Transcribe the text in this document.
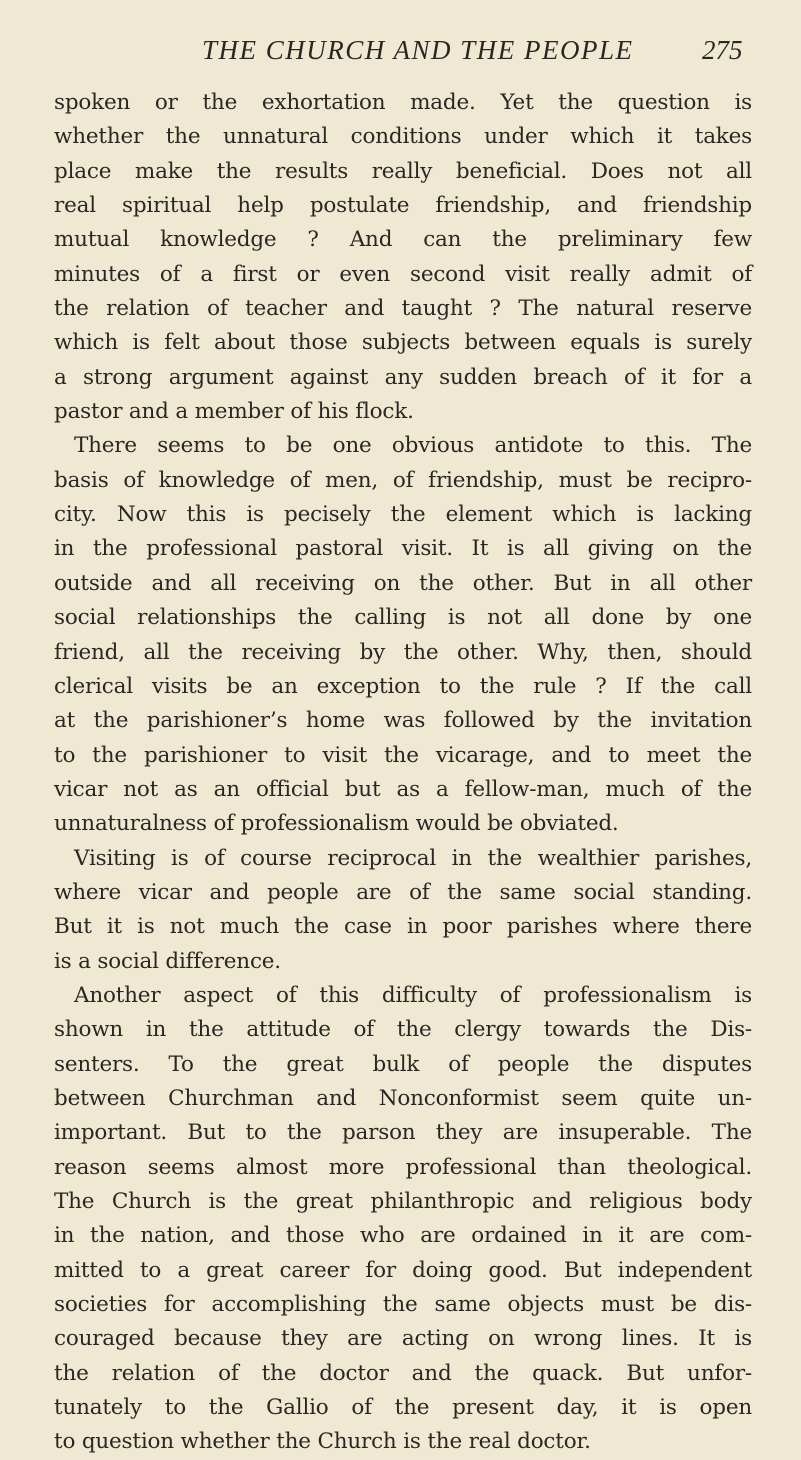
THE CHURCH AND THE PEOPLE	275
spoken or the exhortation made. Yet the question is
whether the unnatural conditions under which it takes
place make the results really beneficial. Does not all
real spiritual help postulate friendship, and friendship
mutual knowledge ? And can the preliminary few
minutes of a first or even second visit really admit of
the relation of teacher and taught ? The natural reserve
which is felt about those subjects between equals is surely
a strong argument against any sudden breach of it for a
pastor and a member of his flock.
There seems to be one obvious antidote to this. The
basis of knowledge of men, of friendship, must be recipro-
city. Now this is pecisely the element which is lacking
in the professional pastoral visit. It is all giving on the
outside and all receiving on the other. But in all other
social relationships the calling is not all done by one
friend, all the receiving by the other. Why, then, should
clerical visits be an exception to the rule ? If the call
at the parishioner’s home was followed by the invitation
to the parishioner to visit the vicarage, and to meet the
vicar not as an official but as a fellow-man, much of the
unnaturalness of professionalism would be obviated.
Visiting is of course reciprocal in the wealthier parishes,
where vicar and people are of the same social standing.
But it is not much the case in poor parishes where there
is a social difference.
Another aspect of this difficulty of professionalism is
shown in the attitude of the clergy towards the Dis-
senters. To the great bulk of people the disputes
between Churchman and Nonconformist seem quite un-
important. But to the parson they are insuperable. The
reason seems almost more professional than theological.
The Church is the great philanthropic and religious body
in the nation, and those who are ordained in it are com-
mitted to a great career for doing good. But independent
societies for accomplishing the same objects must be dis-
couraged because they are acting on wrong lines. It is
the relation of the doctor and the quack. But unfor-
tunately to the Gallio of the present day, it is open
to question whether the Church is the real doctor.
